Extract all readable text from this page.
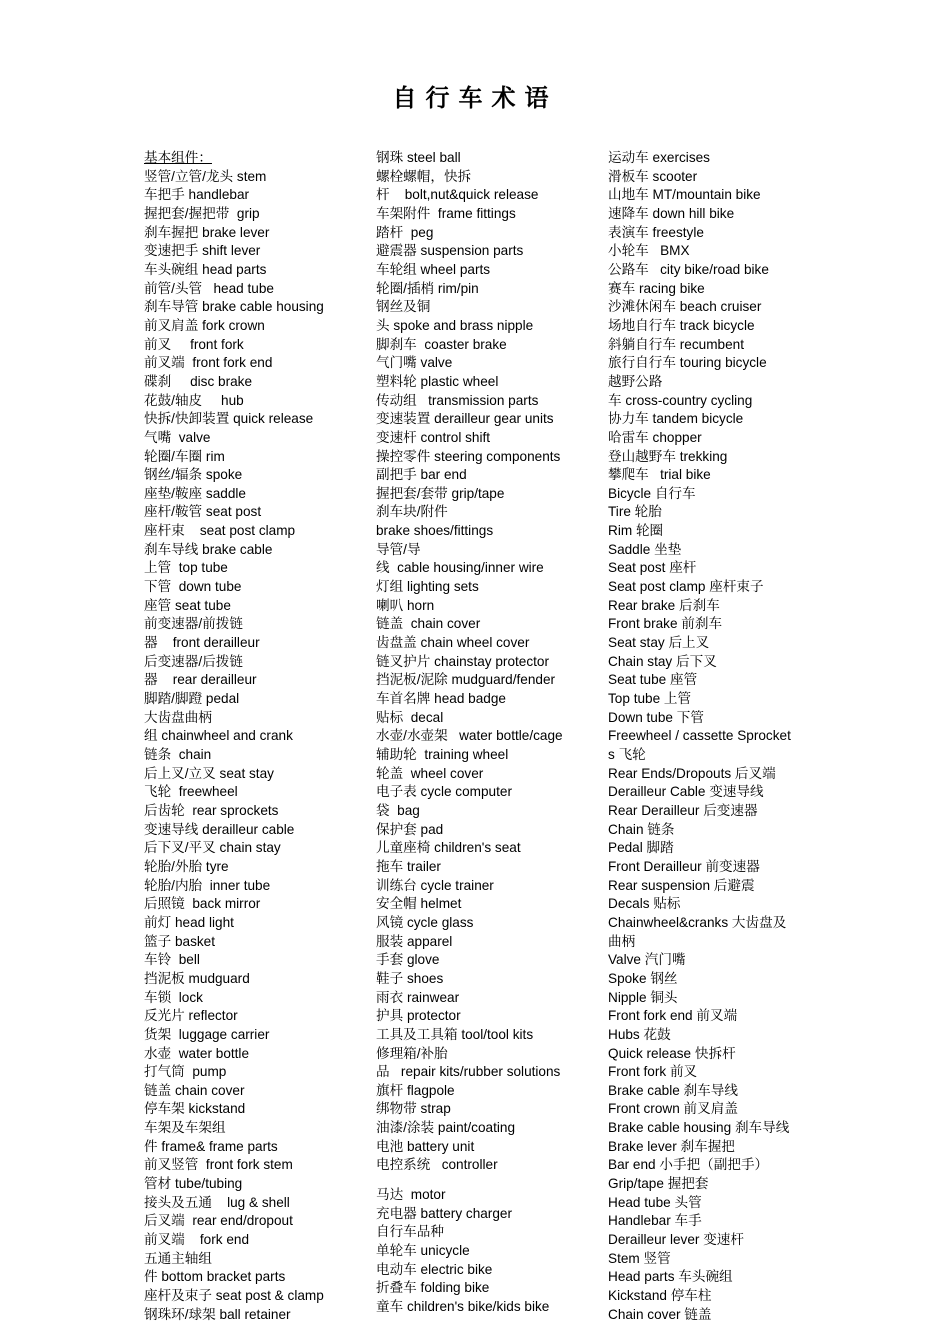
自行车术语
基本组件：
竖管/立管/龙头 stem
车把手 handlebar
握把套/握把带  grip
刹车握把 brake lever
变速把手 shift lever
车头碗组 head parts
前管/头管   head tube
刹车导管 brake cable housing
前叉肩盖 fork crown
前叉     front fork
前叉端  front fork end
碟刹     disc brake
花鼓/轴皮     hub
快拆/快卸装置 quick release
气嘴  valve
轮圈/车圈 rim
钢丝/辐条 spoke
座垫/鞍座 saddle
座杆/鞍管 seat post
座杆束    seat post clamp
刹车导线 brake cable
上管  top tube
下管  down tube
座管 seat tube
前变速器/前拨链
器    front derailleur
后变速器/后拨链
器    rear derailleur
脚踏/脚蹬 pedal
大齿盘曲柄
组 chainwheel and crank
链条  chain
后上叉/立叉 seat stay
飞轮  freewheel
后齿轮  rear sprockets
变速导线 derailleur cable
后下叉/平叉 chain stay
轮胎/外胎 tyre
轮胎/内胎  inner tube
后照镜  back mirror
前灯 head light
篮子 basket
车铃  bell
挡泥板 mudguard
车锁  lock
反光片 reflector
货架  luggage carrier
水壶  water bottle
打气筒  pump
链盖 chain cover
停车架 kickstand
车架及车架组
件 frame& frame parts
前叉竖管  front fork stem
管材 tube/tubing
接头及五通    lug & shell
后叉端  rear end/dropout
前叉端    fork end
五通主轴组
件 bottom bracket parts
座杆及束子 seat post & clamp
钢珠环/球架 ball retainer
钢珠 steel ball
螺栓螺帽，快拆
杆    bolt,nut&quick release
车架附件  frame fittings
踏杆  peg
避震器 suspension parts
车轮组 wheel parts
轮圈/插梢 rim/pin
钢丝及铜
头 spoke and brass nipple
脚刹车  coaster brake
气门嘴 valve
塑料轮 plastic wheel
传动组   transmission parts
变速装置 derailleur gear units
变速杆 control shift
操控零件 steering components
副把手 bar end
握把套/套带 grip/tape
刹车块/附件
brake shoes/fittings
导管/导
线  cable housing/inner wire
灯组 lighting sets
喇叭 horn
链盖  chain cover
齿盘盖 chain wheel cover
链叉护片 chainstay protector
挡泥板/泥除 mudguard/fender
车首名牌 head badge
贴标  decal
水壶/水壶架   water bottle/cage
辅助轮  training wheel
轮盖  wheel cover
电子表 cycle computer
袋  bag
保护套 pad
儿童座椅 children's seat
拖车 trailer
训练台 cycle trainer
安全帽 helmet
风镜 cycle glass
服装 apparel
手套 glove
鞋子 shoes
雨衣 rainwear
护具 protector
工具及工具箱 tool/tool kits
修理箱/补胎
品   repair kits/rubber solutions
旗杆 flagpole
绑物带 strap
油漆/涂装 paint/coating
电池 battery unit
电控系统   controller
马达  motor
充电器 battery charger
自行车品种
单轮车 unicycle
电动车 electric bike
折叠车 folding bike
童车 children's bike/kids bike
运动车 exercises
滑板车 scooter
山地车 MT/mountain bike
速降车 down hill bike
表演车 freestyle
小轮车   BMX
公路车   city bike/road bike
赛车 racing bike
沙滩休闲车 beach cruiser
场地自行车 track bicycle
斜躺自行车 recumbent
旅行自行车 touring bicycle
越野公路
车 cross-country cycling
协力车 tandem bicycle
哈雷车 chopper
登山越野车 trekking
攀爬车   trial bike
Bicycle 自行车
Tire 轮胎
Rim 轮圈
Saddle 坐垫
Seat post 座杆
Seat post clamp 座杆束子
Rear brake 后刹车
Front brake 前刹车
Seat stay 后上叉
Chain stay 后下叉
Seat tube 座管
Top tube 上管
Down tube 下管
Freewheel / cassette Sprocket
s 飞轮
Rear Ends/Dropouts 后叉端
Derailleur Cable 变速导线
Rear Derailleur 后变速器
Chain 链条
Pedal 脚踏
Front Derailleur 前变速器
Rear suspension 后避震
Decals 贴标
Chainwheel&cranks 大齿盘及
曲柄
Valve 汽门嘴
Spoke 钢丝
Nipple 铜头
Front fork end 前叉端
Hubs 花鼓
Quick release 快拆杆
Front fork 前叉
Brake cable 刹车导线
Front crown 前叉肩盖
Brake cable housing 刹车导线
Brake lever 刹车握把
Bar end 小手把（副把手）
Grip/tape 握把套
Head tube 头管
Handlebar 车手
Derailleur lever 变速杆
Stem 竖管
Head parts 车头碗组
Kickstand 停车柱
Chain cover 链盖
